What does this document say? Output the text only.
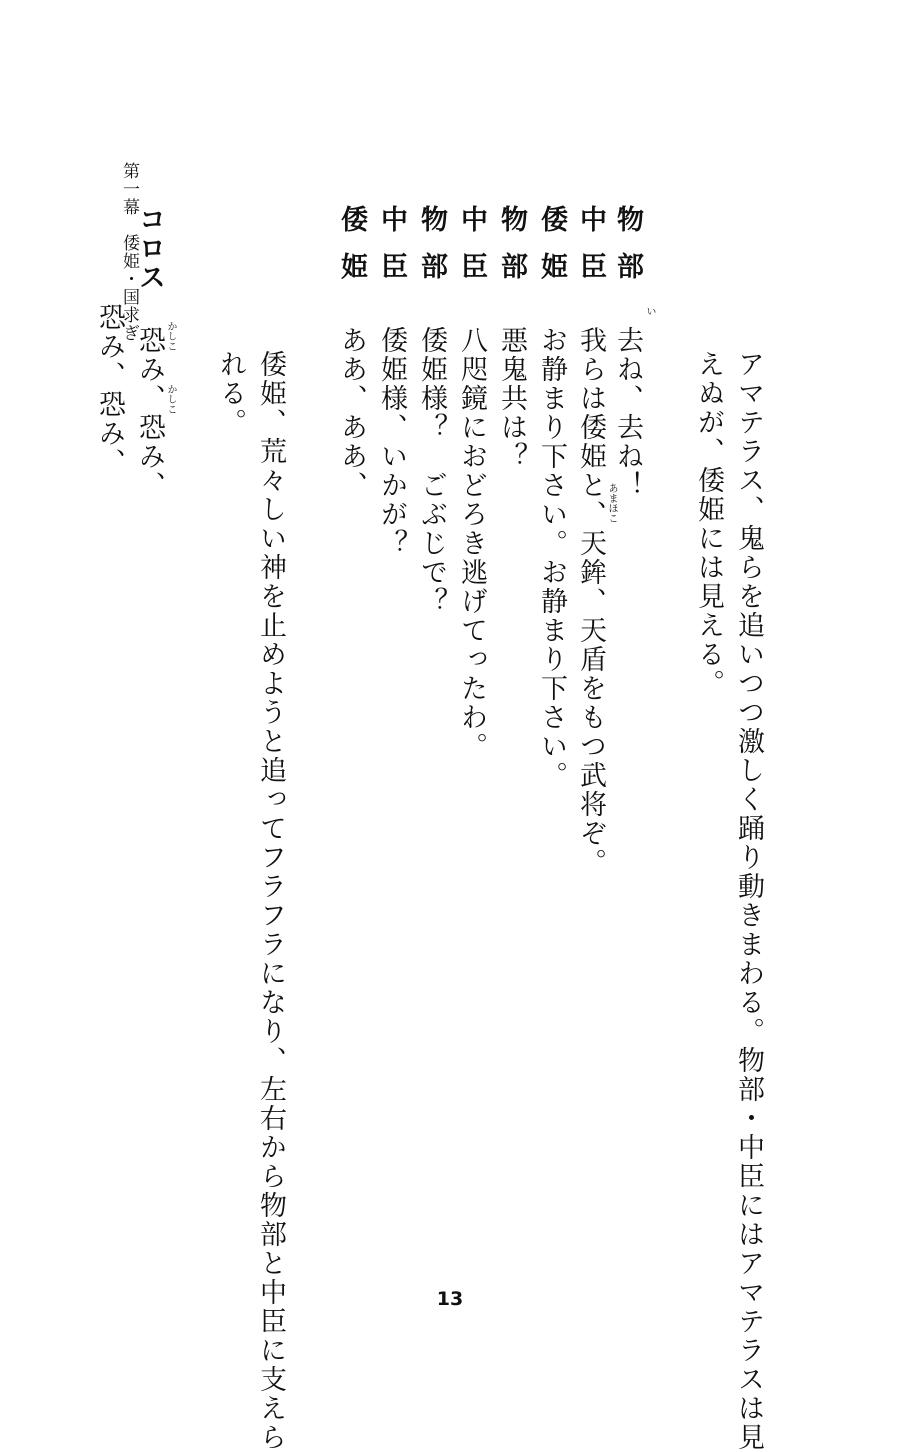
第一幕　倭姫・国求ぎ
アマテラス、鬼らを追いつつ激しく踊り動きまわる。物部・中臣にはアマテラスは見
えぬが、倭姫には見える。
物部
去ね、去ね！
中臣
我らは倭姫と、天鉾、天盾をもつ武将ぞ。
倭姫
お静まり下さい。お静まり下さい。
物部
悪鬼共は？
中臣
八咫鏡におどろき逃げてったわ。
物部
倭姫様？　ごぶじで？
中臣
倭姫様、いかが？
倭姫
ああ、ああ、
倭姫、荒々しい神を止めようと追ってフラフラになり、左右から物部と中臣に支えら
れる。
コロス
恐み、恐み、
恐み、恐み、	い
あまほこ
かしこ
かしこ
13
